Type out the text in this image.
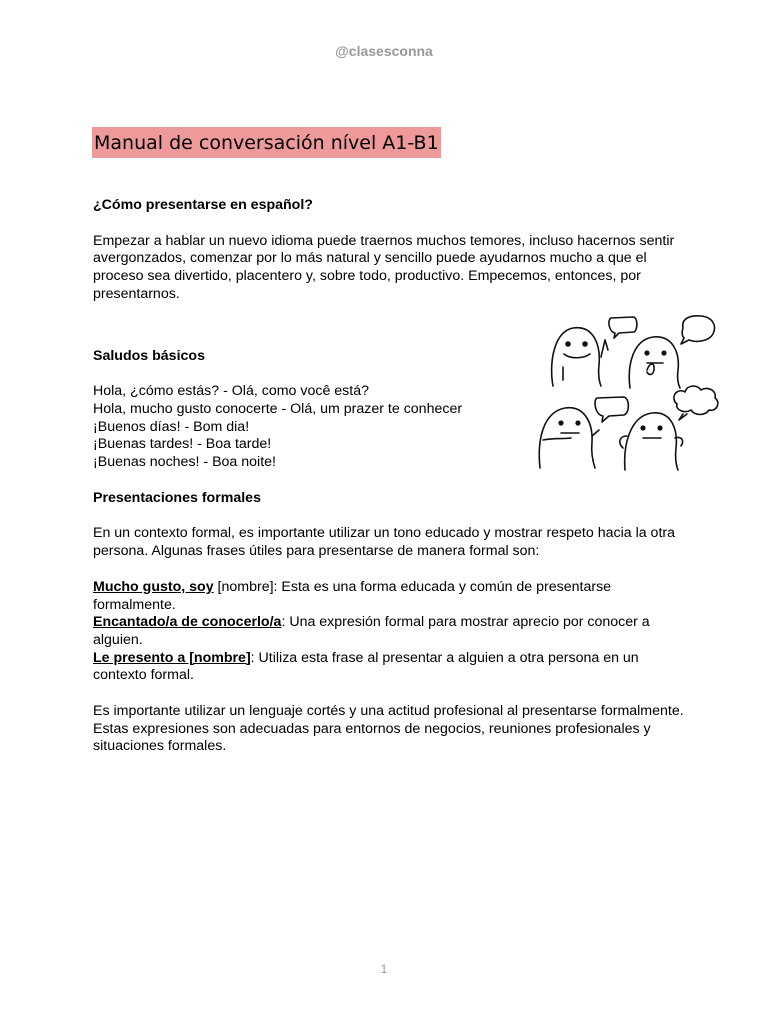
@clasesconna
Manual de conversación nível A1-B1

¿Cómo presentarse en español?

Empezar a hablar un nuevo idioma puede traernos muchos temores, incluso hacernos sentir avergonzados, comenzar por lo más natural y sencillo puede ayudarnos mucho a que el proceso sea divertido, placentero y, sobre todo, productivo. Empecemos, entonces, por presentarnos.

Saludos básicos

Hola, ¿cómo estás? - Olá, como você está?

Hola, mucho gusto conocerte - Olá, um prazer te conhecer

¡Buenos días! - Bom dia!

¡Buenas tardes! - Boa tarde!

¡Buenas noches! - Boa noite!

Presentaciones formales

En un contexto formal, es importante utilizar un tono educado y mostrar respeto hacia la otra persona. Algunas frases útiles para presentarse de manera formal son:

Mucho gusto, soy [nombre]: Esta es una forma educada y común de presentarse formalmente.

Encantado/a de conocerlo/a: Una expresión formal para mostrar aprecio por conocer a alguien.

Le presento a [nombre]: Utiliza esta frase al presentar a alguien a otra persona en un contexto formal.

Es importante utilizar un lenguaje cortés y una actitud profesional al presentarse formalmente. Estas expresiones son adecuadas para entornos de negocios, reuniones profesionales y situaciones formales.

1
